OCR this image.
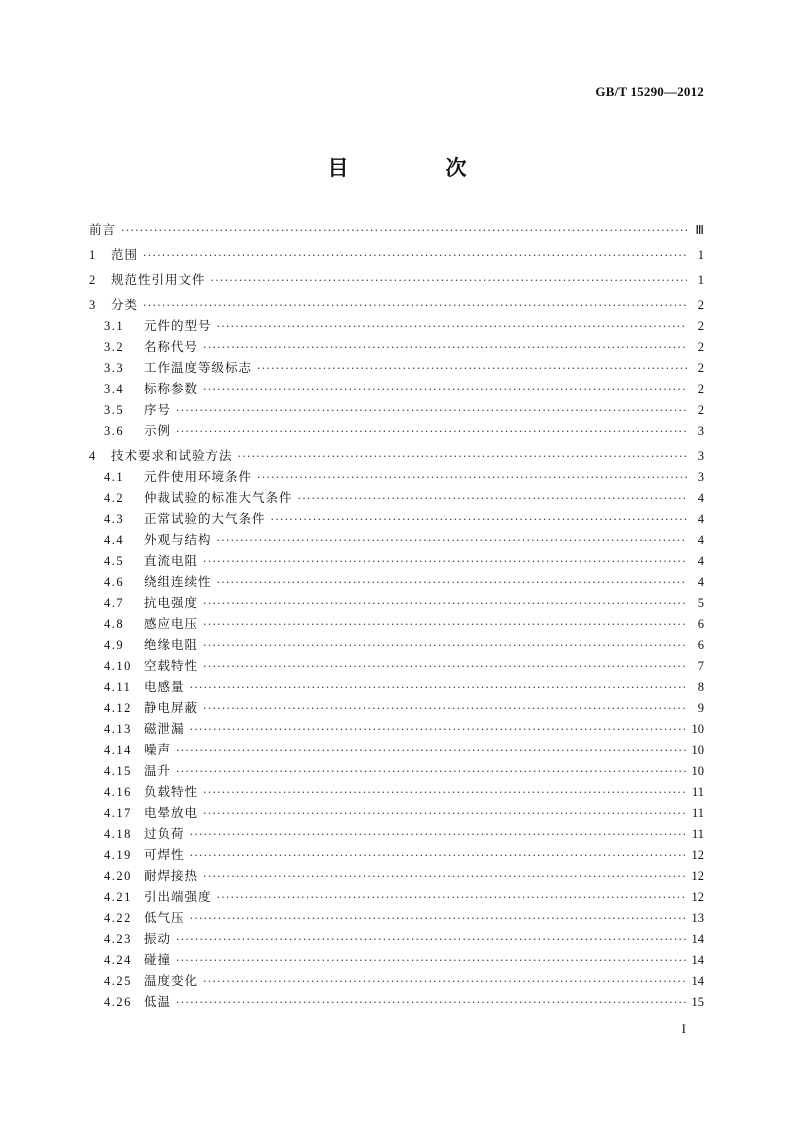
GB/T 15290—2012
目　次
前言 ·····	Ⅲ
1	范围 ·····	1
2	规范性引用文件 ·····	1
3	分类 ·····	2
3.1	元件的型号 ·····	2
3.2	名称代号 ·····	2
3.3	工作温度等级标志 ·····	2
3.4	标称参数 ·····	2
3.5	序号 ·····	2
3.6	示例 ·····	3
4	技术要求和试验方法 ·····	3
4.1	元件使用环境条件 ·····	3
4.2	仲裁试验的标准大气条件 ·····	4
4.3	正常试验的大气条件 ·····	4
4.4	外观与结构 ·····	4
4.5	直流电阻 ·····	4
4.6	绕组连续性 ·····	4
4.7	抗电强度 ·····	5
4.8	感应电压 ·····	6
4.9	绝缘电阻 ·····	6
4.10 空载特性 ·····	7
4.11	电感量 ·····	8
4.12 静电屏蔽 ·····	9
4.13 磁泄漏 ·····	10
4.14 噪声 ·····	10
4.15 温升 ·····	10
4.16 负载特性 ·····	11
4.17 电晕放电 ·····	11
4.18 过负荷 ·····	11
4.19 可焊性 ·····	12
4.20 耐焊接热 ·····	12
4.21 引出端强度 ·····	12
4.22 低气压 ·····	13
4.23 振动 ·····	14
4.24 碰撞 ·····	14
4.25 温度变化 ·····	14
4.26 低温 ·····	15
I
